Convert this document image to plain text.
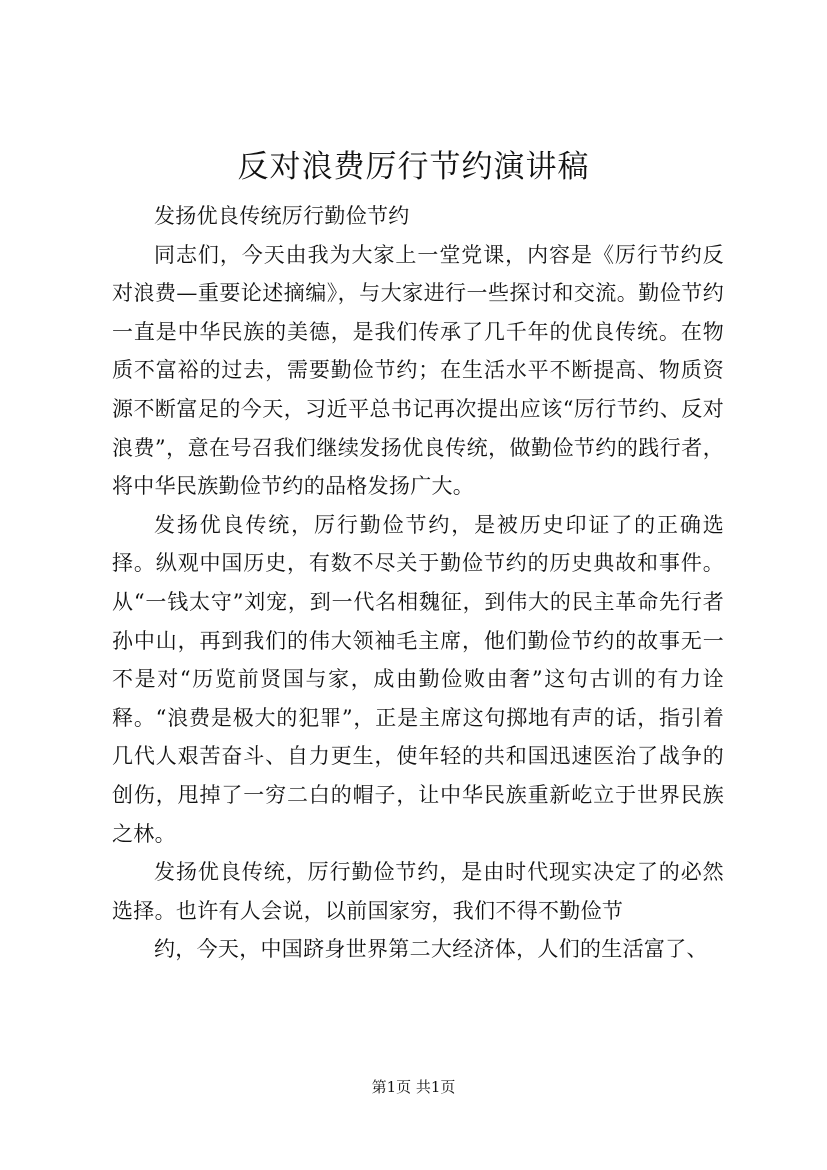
反对浪费厉行节约演讲稿

发扬优良传统厉行勤俭节约

同志们，今天由我为大家上一堂党课，内容是《厉行节约反对浪费—重要论述摘编》，与大家进行一些探讨和交流。勤俭节约一直是中华民族的美德，是我们传承了几千年的优良传统。在物质不富裕的过去，需要勤俭节约；在生活水平不断提高、物质资源不断富足的今天，习近平总书记再次提出应该“厉行节约、反对浪费”，意在号召我们继续发扬优良传统，做勤俭节约的践行者，将中华民族勤俭节约的品格发扬广大。

发扬优良传统，厉行勤俭节约，是被历史印证了的正确选择。纵观中国历史，有数不尽关于勤俭节约的历史典故和事件。从“一钱太守”刘宠，到一代名相魏征，到伟大的民主革命先行者孙中山，再到我们的伟大领袖毛主席，他们勤俭节约的故事无一不是对“历览前贤国与家，成由勤俭败由奢”这句古训的有力诠释。“浪费是极大的犯罪”，正是主席这句掷地有声的话，指引着几代人艰苦奋斗、自力更生，使年轻的共和国迅速医治了战争的创伤，甩掉了一穷二白的帽子，让中华民族重新屹立于世界民族之林。

发扬优良传统，厉行勤俭节约，是由时代现实决定了的必然选择。也许有人会说，以前国家穷，我们不得不勤俭节

约，今天，中国跻身世界第二大经济体，人们的生活富了、

第1页 共1页
